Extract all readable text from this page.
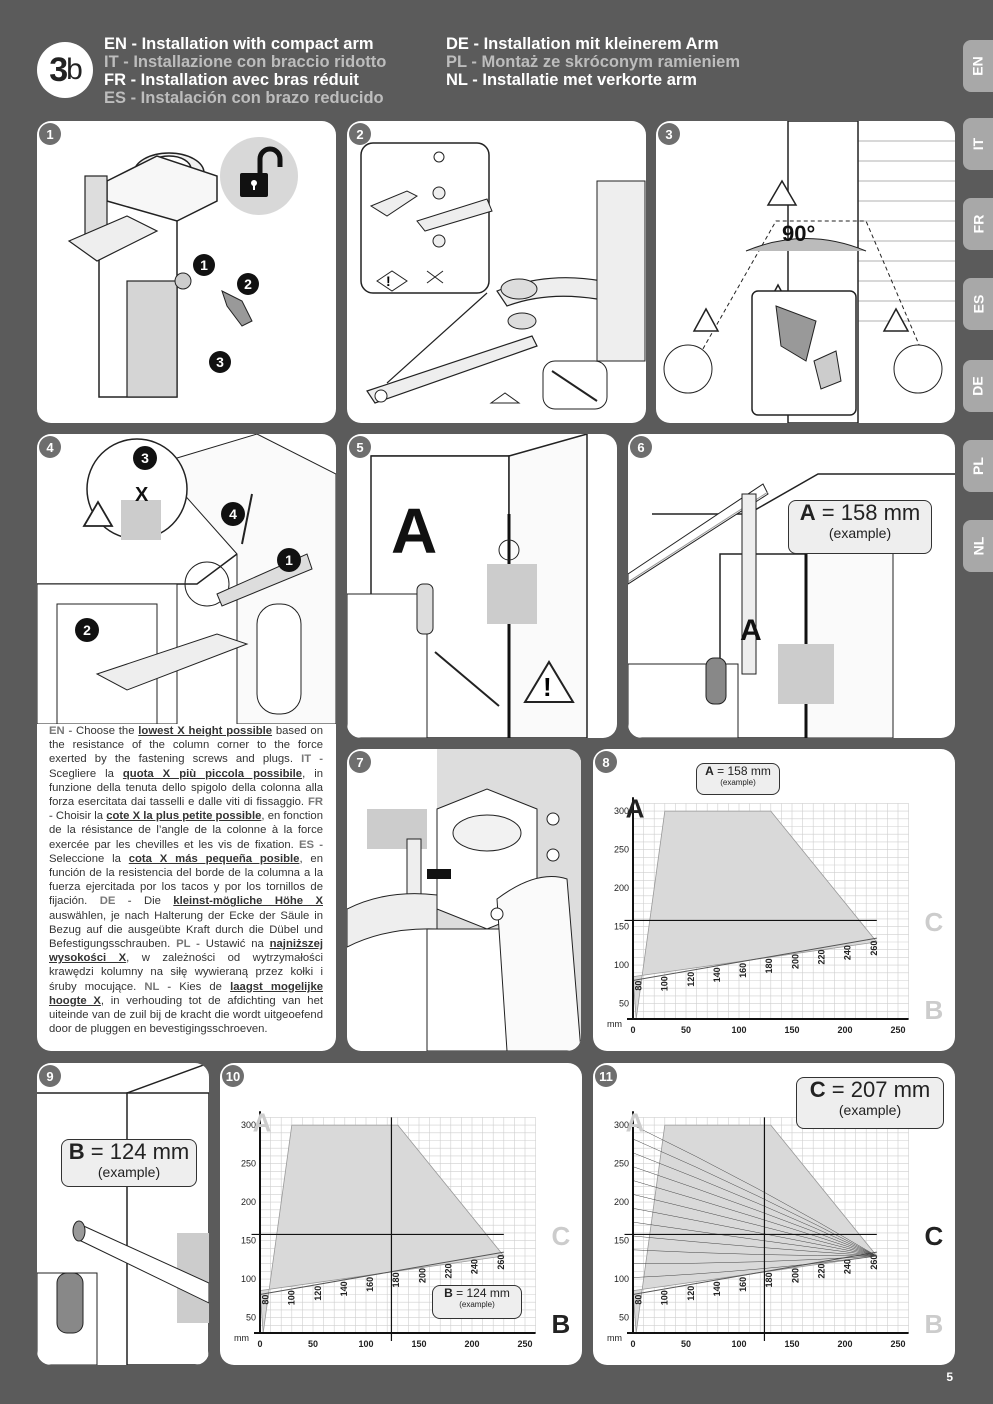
3 b
EN - Installation with compact arm
IT - Installazione con braccio ridotto
FR - Installation avec bras réduit
ES - Instalación con brazo reducido
DE - Installation mit kleinerem Arm
PL - Montaż ze skróconym ramieniem
NL - Installatie met verkorte arm
EN
IT
FR
ES
DE
PL
NL
1
1
2
3
2
!
3
90°
4
3
4
1
2
X
EN - Choose the lowest X height possible based on the resistance of the column corner to the force exerted by the fastening screws and plugs. IT - Scegliere la quota X più piccola possibile, in funzione della tenuta dello spigolo della colonna alla forza esercitata dai tasselli e dalle viti di fissaggio. FR - Choisir la cote X la plus petite possible, en fonction de la résistance de l’angle de la colonne à la force exercée par les chevilles et les vis de fixation. ES - Seleccione la cota X más pequeña posible, en función de la resistencia del borde de la columna a la fuerza ejercitada por los tacos y por los tornillos de fijación. DE - Die kleinst-mögliche Höhe X auswählen, je nach Halterung der Ecke der Säule in Bezug auf die ausgeübte Kraft durch die Dübel und Befestigungsschrauben. PL - Ustawić na najniższej wysokości X, w zależności od wytrzymałości krawędzi kolumny na siłę wywieraną przez kołki i śruby mocujące. NL - Kies de laagst mogelijke hoogte X, in verhouding tot de afdichting van het uiteinde van de zuil bij de kracht die wordt uitgeoefend door de pluggen en bevestigingsschroeven.
5
!
A
6
A
A = 158 mm
(example)
7	8
80 100 120 140 160 180 200 220 240 260
0	50	100	150	200	250
50
100
150
200
250
300
mm
A
C
B
A = 158 mm
(example)
9
B = 124 mm
(example)
10
80 100 120 140 160 180 200 220 240 260
0	50	100	150	200	250
50
100
150
200
250
300
mm
A
C
B
B = 124 mm
(example)
11
80 100 120 140 160 180 200 220 240 260
0	50	100	150	200	250
50
100
150
200
250
300
mm
A
C
B
C = 207 mm
(example)
5
